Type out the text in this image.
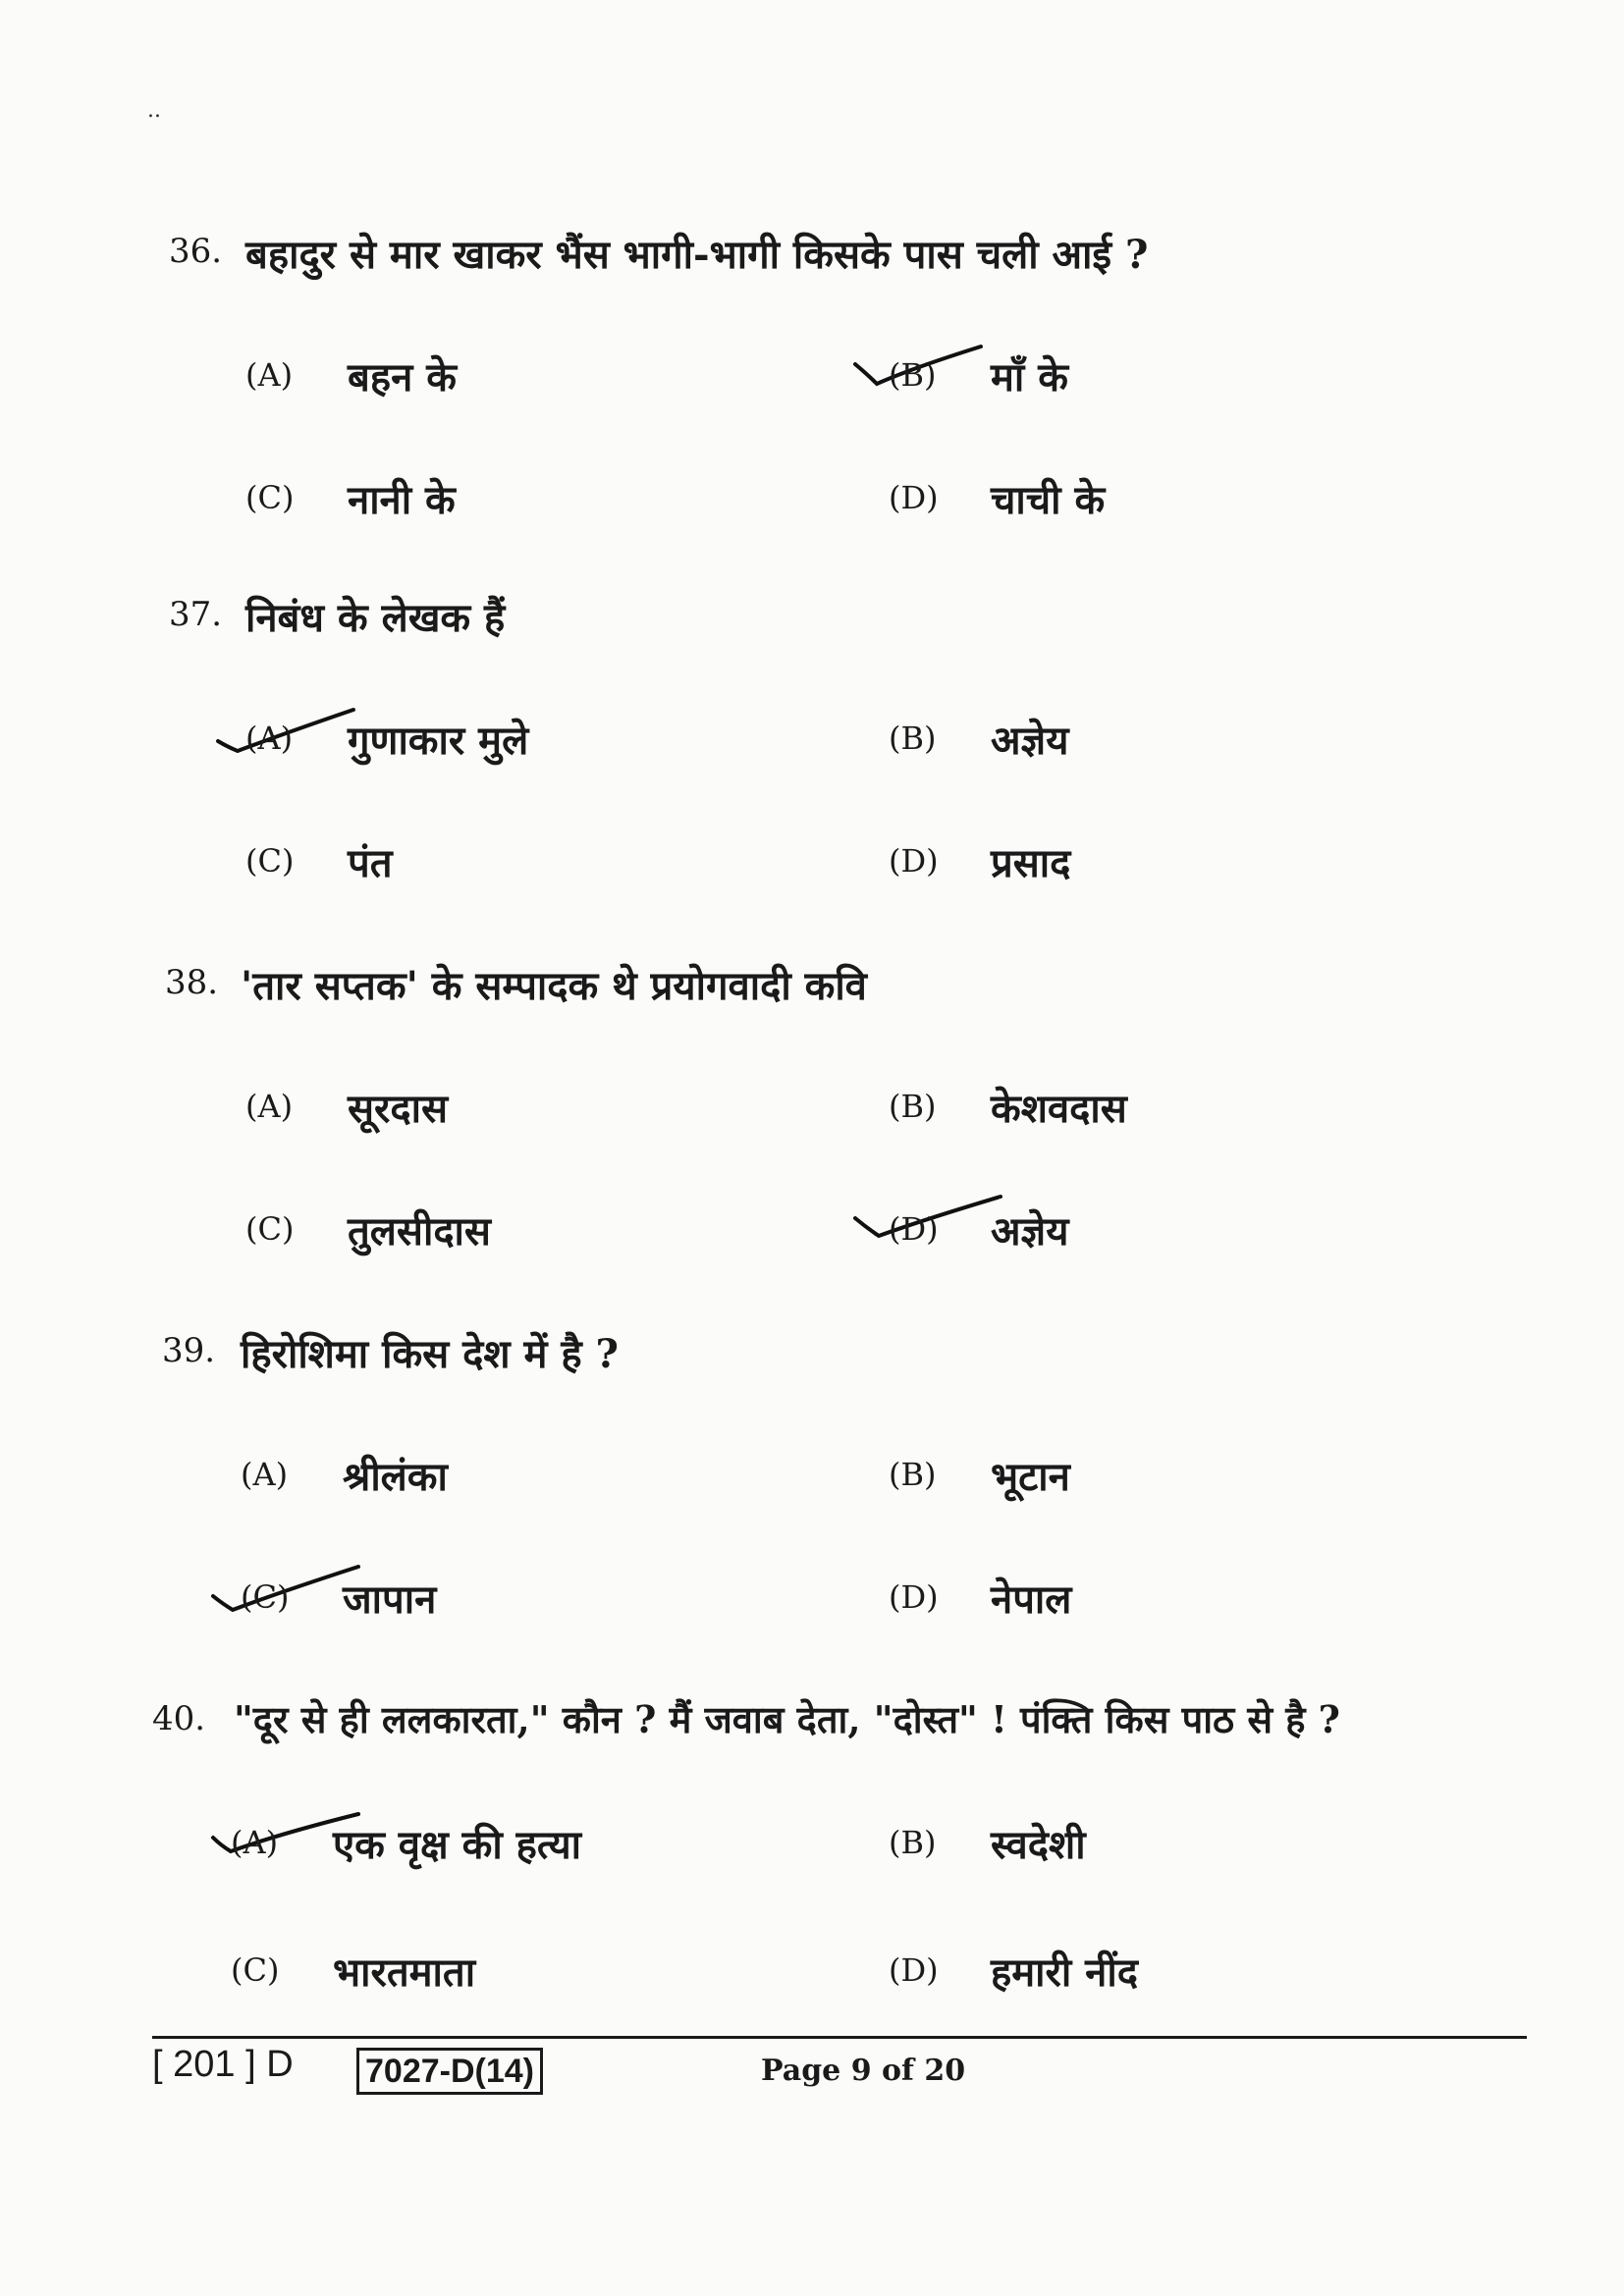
..
36. बहादुर से मार खाकर भैंस भागी-भागी किसके पास चली आई ?
(A) बहन के	(B) माँ के
(C) नानी के	(D) चाची के
37. निबंध के लेखक हैं
(A) गुणाकार मुले	(B) अज्ञेय
(C) पंत	(D) प्रसाद
38. 'तार सप्तक' के सम्पादक थे प्रयोगवादी कवि
(A) सूरदास	(B) केशवदास
(C) तुलसीदास	(D) अज्ञेय
39. हिरोशिमा किस देश में है ?
(A) श्रीलंका	(B) भूटान
(C) जापान	(D) नेपाल
40. "दूर से ही ललकारता," कौन ? मैं जवाब देता, "दोस्त" ! पंक्ति किस पाठ से है ?
(A) एक वृक्ष की हत्या	(B) स्वदेशी
(C) भारतमाता	(D) हमारी नींद
[ 201 ] D 7027-D(14)	Page 9 of 20
